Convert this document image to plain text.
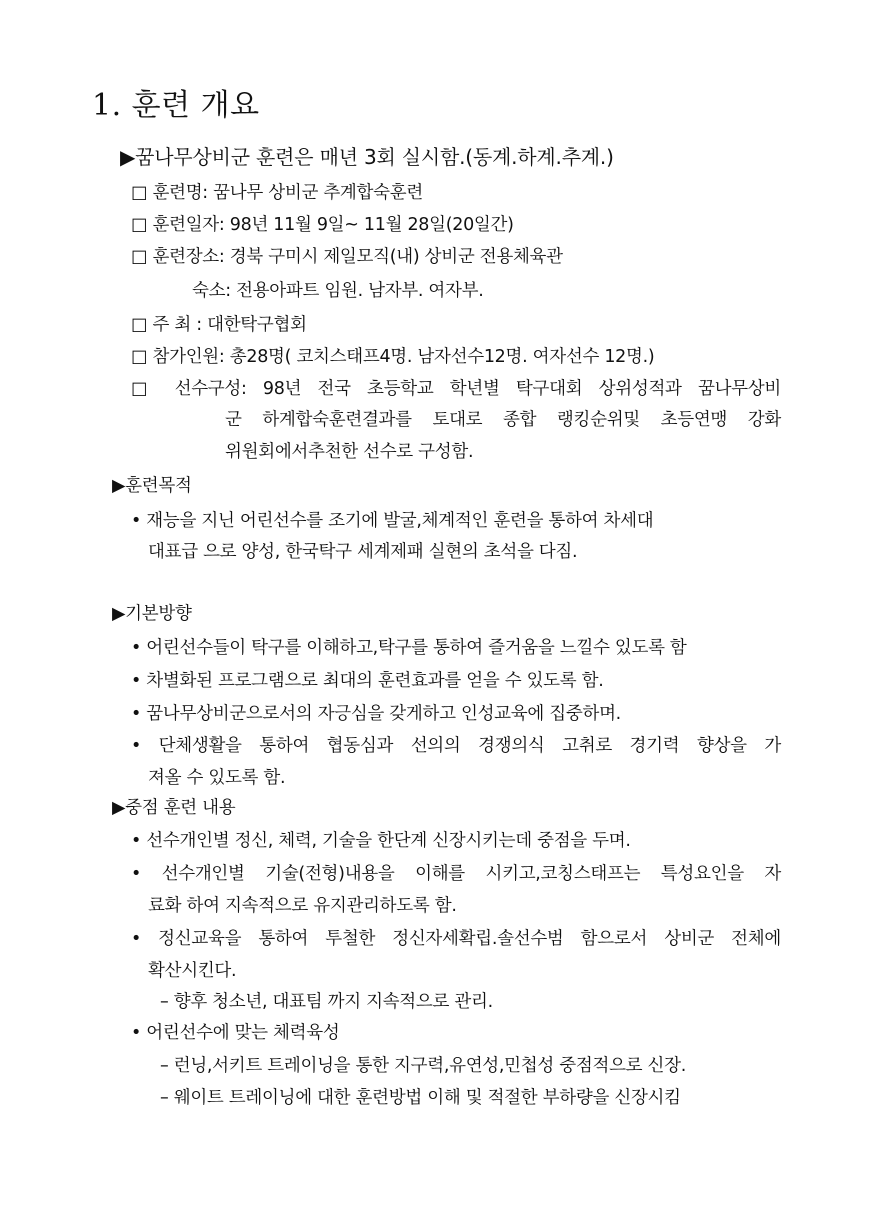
1. 훈련 개요
▶꿈나무상비군 훈련은 매년 3회 실시함.(동계.하계.추계.)
□ 훈련명: 꿈나무 상비군 추계합숙훈련
□ 훈련일자: 98년 11월 9일~ 11월 28일(20일간)
□ 훈련장소: 경북 구미시 제일모직(내) 상비군 전용체육관
숙소: 전용아파트 임원. 남자부. 여자부.
□ 주 최 : 대한탁구협회
□ 참가인원: 총28명( 코치스태프4명. 남자선수12명. 여자선수 12명.)
□ 선수구성: 98년 전국 초등학교 학년별 탁구대회 상위성적과 꿈나무상비
군 하계합숙훈련결과를 토대로 종합 랭킹순위및 초등연맹 강화
위원회에서추천한 선수로 구성함.
▶훈련목적
• 재능을 지닌 어린선수를 조기에 발굴,체계적인 훈련을 통하여 차세대
대표급 으로 양성, 한국탁구 세계제패 실현의 초석을 다짐.
▶기본방향
• 어린선수들이 탁구를 이해하고,탁구를 통하여 즐거움을 느낄수 있도록 함
• 차별화된 프로그램으로 최대의 훈련효과를 얻을 수 있도록 함.
• 꿈나무상비군으로서의 자긍심을 갖게하고 인성교육에 집중하며.
• 단체생활을 통하여 협동심과 선의의 경쟁의식 고취로 경기력 향상을 가
져올 수 있도록 함.
▶중점 훈련 내용
• 선수개인별 정신, 체력, 기술을 한단계 신장시키는데 중점을 두며.
• 선수개인별 기술(전형)내용을 이해를 시키고,코칭스태프는 특성요인을 자
료화 하여 지속적으로 유지관리하도록 함.
• 정신교육을 통하여 투철한 정신자세확립.솔선수범 함으로서 상비군 전체에
확산시킨다.
– 향후 청소년, 대표팀 까지 지속적으로 관리.
• 어린선수에 맞는 체력육성
– 런닝,서키트 트레이닝을 통한 지구력,유연성,민첩성 중점적으로 신장.
– 웨이트 트레이닝에 대한 훈련방법 이해 및 적절한 부하량을 신장시킴
